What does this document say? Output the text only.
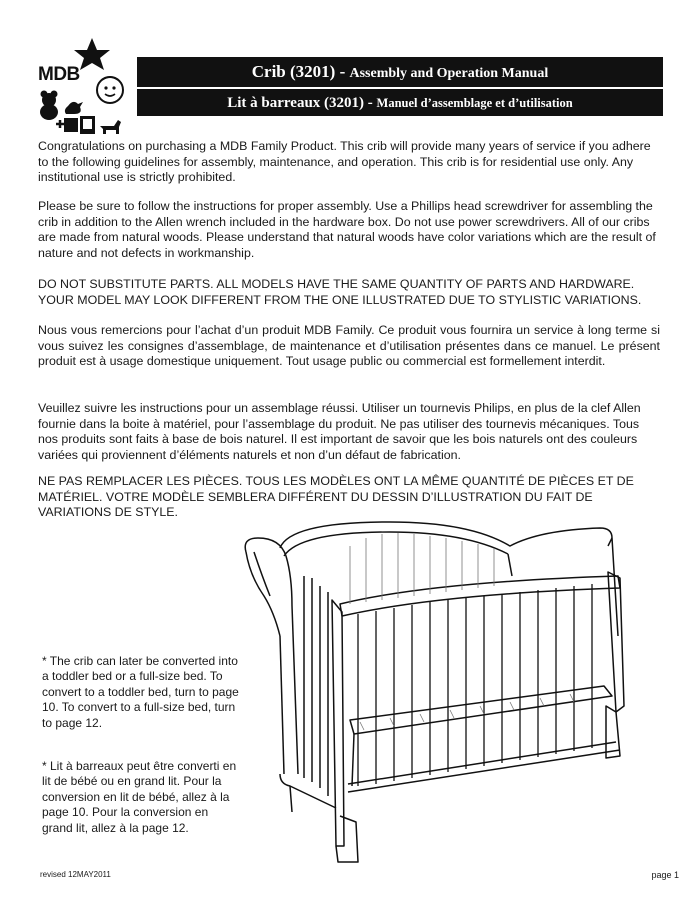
MDB	Crib (3201) - Assembly and Operation Manual
Lit à barreaux (3201) - Manuel d’assemblage et d’utilisation

Congratulations on purchasing a MDB Family Product. This crib will provide many years of service if you adhere to the following guidelines for assembly, maintenance, and operation. This crib is for residential use only. Any institutional use is strictly prohibited.

Please be sure to follow the instructions for proper assembly. Use a Phillips head screwdriver for assembling the crib in addition to the Allen wrench included in the hardware box. Do not use power screwdrivers. All of our cribs are made from natural woods. Please understand that natural woods have color variations which are the result of nature and not defects in workmanship.

DO NOT SUBSTITUTE PARTS. ALL MODELS HAVE THE SAME QUANTITY OF PARTS AND HARDWARE. YOUR MODEL MAY LOOK DIFFERENT FROM THE ONE ILLUSTRATED DUE TO STYLISTIC VARIATIONS.

Nous vous remercions pour l’achat d’un produit MDB Family. Ce produit vous fournira un service à long terme si vous suivez les consignes d’assemblage, de maintenance et d’utilisation présentes dans ce manuel. Le présent produit est à usage domestique uniquement. Tout usage public ou commercial est formellement interdit.

Veuillez suivre les instructions pour un assemblage réussi. Utiliser un tournevis Philips, en plus de la clef Allen fournie dans la boite à matériel, pour l’assemblage du produit. Ne pas utiliser des tournevis mécaniques. Tous nos produits sont faits à base de bois naturel. Il est important de savoir que les bois naturels ont des couleurs variées qui proviennent d’éléments naturels et non d’un défaut de fabrication.

NE PAS REMPLACER LES PIÈCES. TOUS LES MODÈLES ONT LA MÊME QUANTITÉ DE PIÈCES ET DE MATÉRIEL. VOTRE MODÈLE SEMBLERA DIFFÉRENT DU DESSIN D’ILLUSTRATION DU FAIT DE VARIATIONS DE STYLE.

* The crib can later be converted into a toddler bed or a full-size bed. To convert to a toddler bed, turn to page 10. To convert to a full-size bed, turn to page 12.

* Lit à barreaux peut être converti en lit de bébé ou en grand lit. Pour la conversion en lit de bébé, allez à la page 10. Pour la conversion en grand lit, allez à la page 12.

revised 12MAY2011	page 1
